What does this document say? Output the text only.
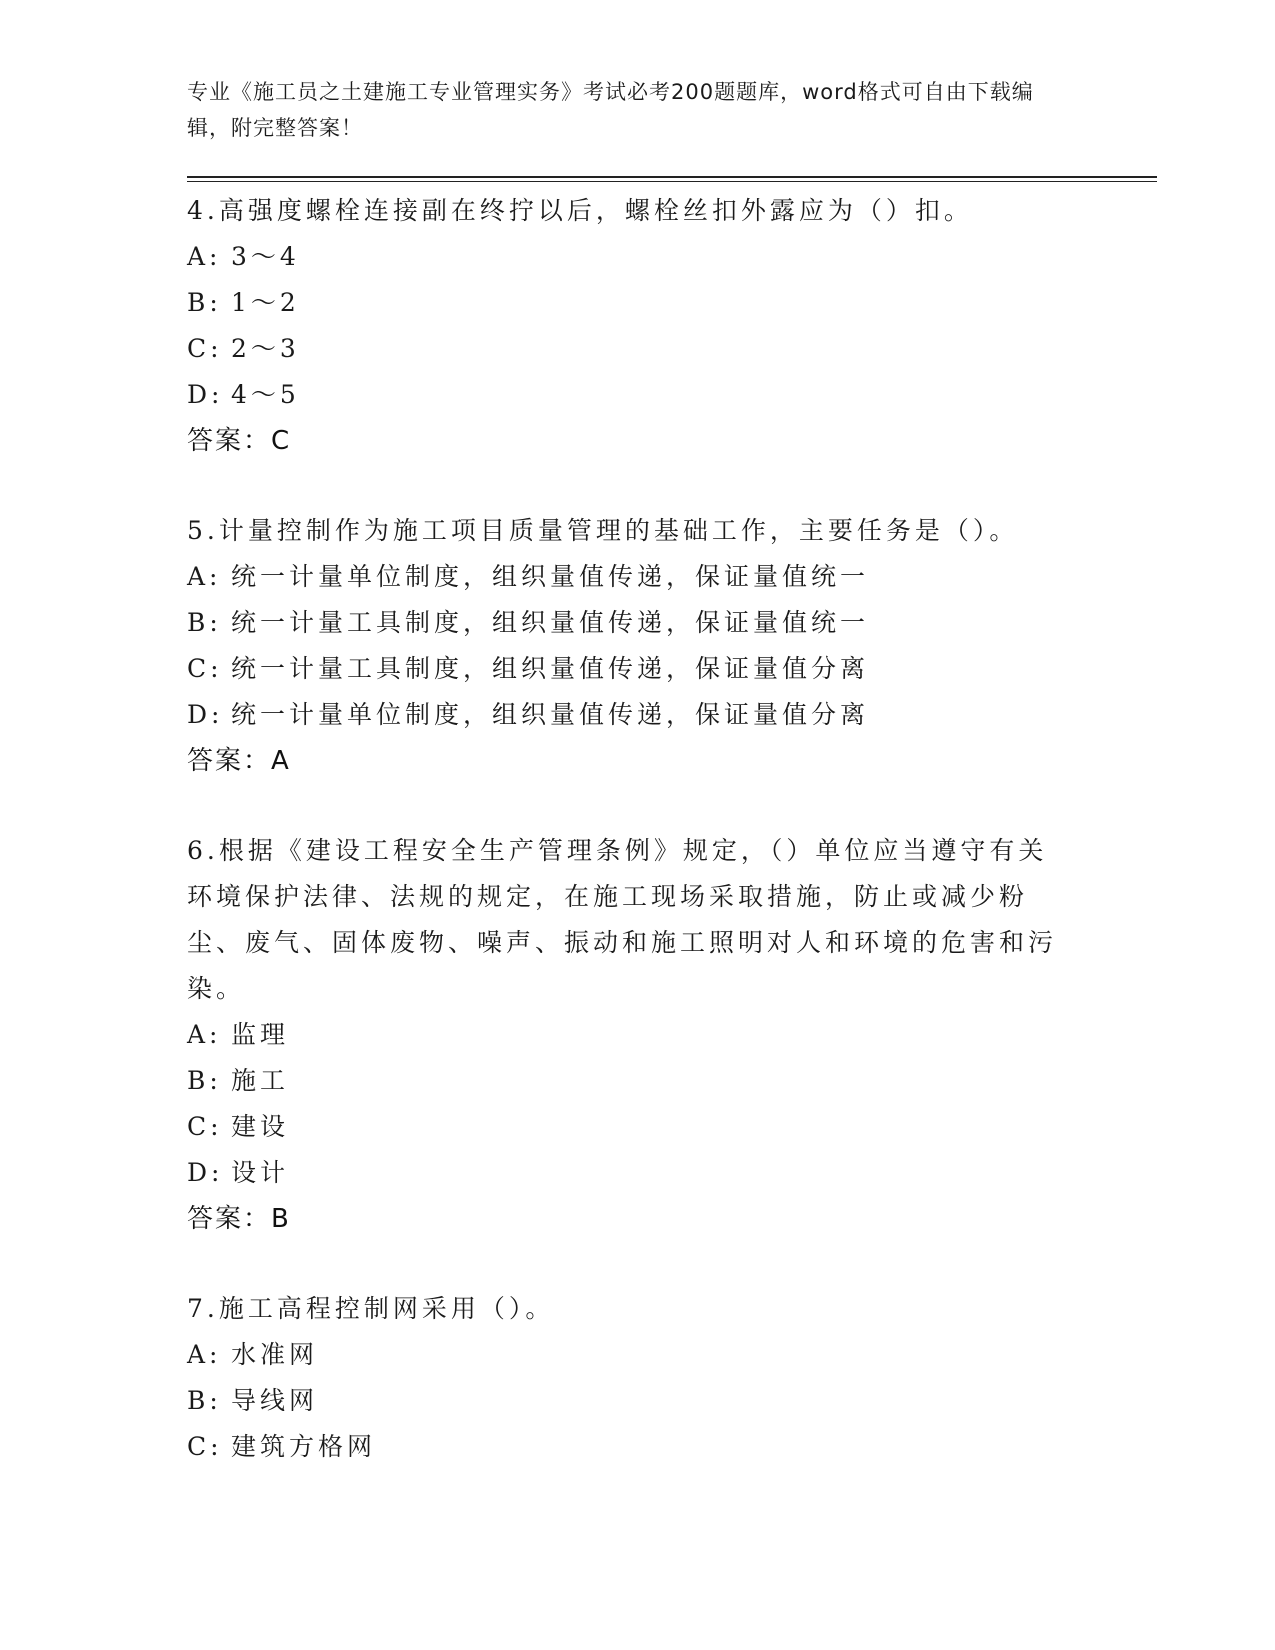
专业《施工员之土建施工专业管理实务》考试必考200题题库，word格式可自由下载编辑，附完整答案！
4.高强度螺栓连接副在终拧以后，螺栓丝扣外露应为（）扣。
A: 3～4
B: 1～2
C: 2～3
D: 4～5
答案：C
5.计量控制作为施工项目质量管理的基础工作，主要任务是（）。
A: 统一计量单位制度，组织量值传递，保证量值统一
B: 统一计量工具制度，组织量值传递，保证量值统一
C: 统一计量工具制度，组织量值传递，保证量值分离
D: 统一计量单位制度，组织量值传递，保证量值分离
答案：A
6.根据《建设工程安全生产管理条例》规定，（）单位应当遵守有关环境保护法律、法规的规定，在施工现场采取措施，防止或减少粉尘、废气、固体废物、噪声、振动和施工照明对人和环境的危害和污染。
A: 监理
B: 施工
C: 建设
D: 设计
答案：B
7.施工高程控制网采用（）。
A: 水准网
B: 导线网
C: 建筑方格网
